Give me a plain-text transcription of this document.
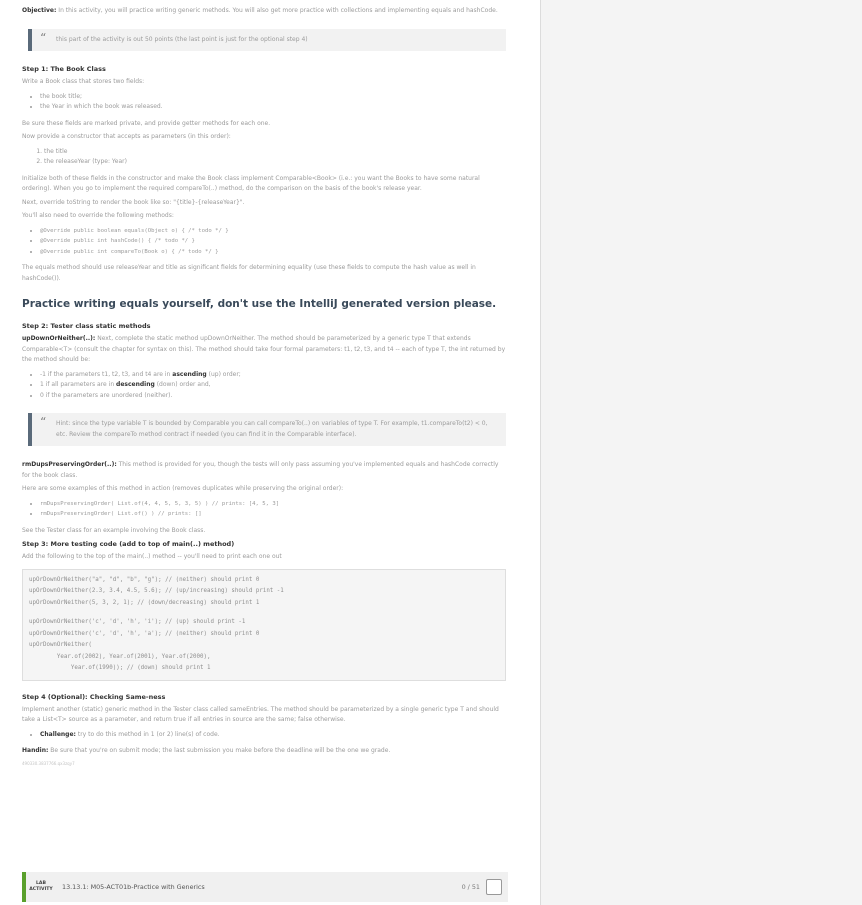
Objective: In this activity, you will practice writing generic methods. You will also get more practice with collections and implementing equals and hashCode.

“ this part of the activity is out 50 points (the last point is just for the optional step 4)

Step 1: The Book Class

Write a Book class that stores two fields:

• the book title;
• the Year in which the book was released.

Be sure these fields are marked private, and provide getter methods for each one.

Now provide a constructor that accepts as parameters (in this order):

1. the title
2. the releaseYear (type: Year)

Initialize both of these fields in the constructor and make the Book class implement Comparable<Book> (i.e.: you want the Books to have some natural ordering). When you go to implement the required compareTo(..) method, do the comparison on the basis of the book's release year.

Next, override toString to render the book like so: "{title}-{releaseYear}".

You'll also need to override the following methods:

• @Override public boolean equals(Object o) { /* todo */ }
• @Override public int hashCode() { /* todo */ }
• @Override public int compareTo(Book o) { /* todo */ }

The equals method should use releaseYear and title as significant fields for determining equality (use these fields to compute the hash value as well in hashCode()).

Practice writing equals yourself, don't use the IntelliJ generated version please.
Step 2: Tester class static methods

upDownOrNeither(..): Next, complete the static method upDownOrNeither. The method should be parameterized by a generic type T that extends Comparable<T> (consult the chapter for syntax on this). The method should take four formal parameters: t1, t2, t3, and t4 -- each of type T, the int returned by the method should be:

• -1 if the parameters t1, t2, t3, and t4 are in ascending (up) order;
• 1 if all parameters are in descending (down) order and,
• 0 if the parameters are unordered (neither).
“ Hint: since the type variable T is bounded by Comparable you can call compareTo(..) on variables of type T. For example, t1.compareTo(t2) < 0, etc. Review the compareTo method contract if needed (you can find it in the Comparable interface).

rmDupsPreservingOrder(..): This method is provided for you, though the tests will only pass assuming you've implemented equals and hashCode correctly for the book class.

Here are some examples of this method in action (removes duplicates while preserving the original order):

• rmDupsPreservingOrder( List.of(4, 4, 5, 5, 3, 5) ) // prints: [4, 5, 3]
• rmDupsPreservingOrder( List.of() ) // prints: []

See the Tester class for an example involving the Book class.

Step 3: More testing code (add to top of main(..) method)

Add the following to the top of the main(..) method -- you'll need to print each one out

upOrDownOrNeither("a", "d", "b", "g"); // (neither) should print 0
upOrDownOrNeither(2.3, 3.4, 4.5, 5.6); // (up/increasing) should print -1
upOrDownOrNeither(5, 3, 2, 1); // (down/decreasing) should print 1
upOrDownOrNeither('c', 'd', 'h', 'i'); // (up) should print -1
upOrDownOrNeither('c', 'd', 'h', 'a'); // (neither) should print 0
upOrDownOrNeither(
Year.of(2002), Year.of(2001), Year.of(2000),
Year.of(1990)); // (down) should print 1
Step 4 (Optional): Checking Same-ness

Implement another (static) generic method in the Tester class called sameEntries. The method should be parameterized by a single generic type T and should take a List<T> source as a parameter, and return true if all entries in source are the same; false otherwise.

• Challenge: try to do this method in 1 (or 2) line(s) of code.

Handin: Be sure that you're on submit mode; the last submission you make before the deadline will be the one we grade.

490330.3837766.qx3zqy7

LAB
ACTIVITY	13.13.1: M05-ACT01b-Practice with Generics	0 / 51
